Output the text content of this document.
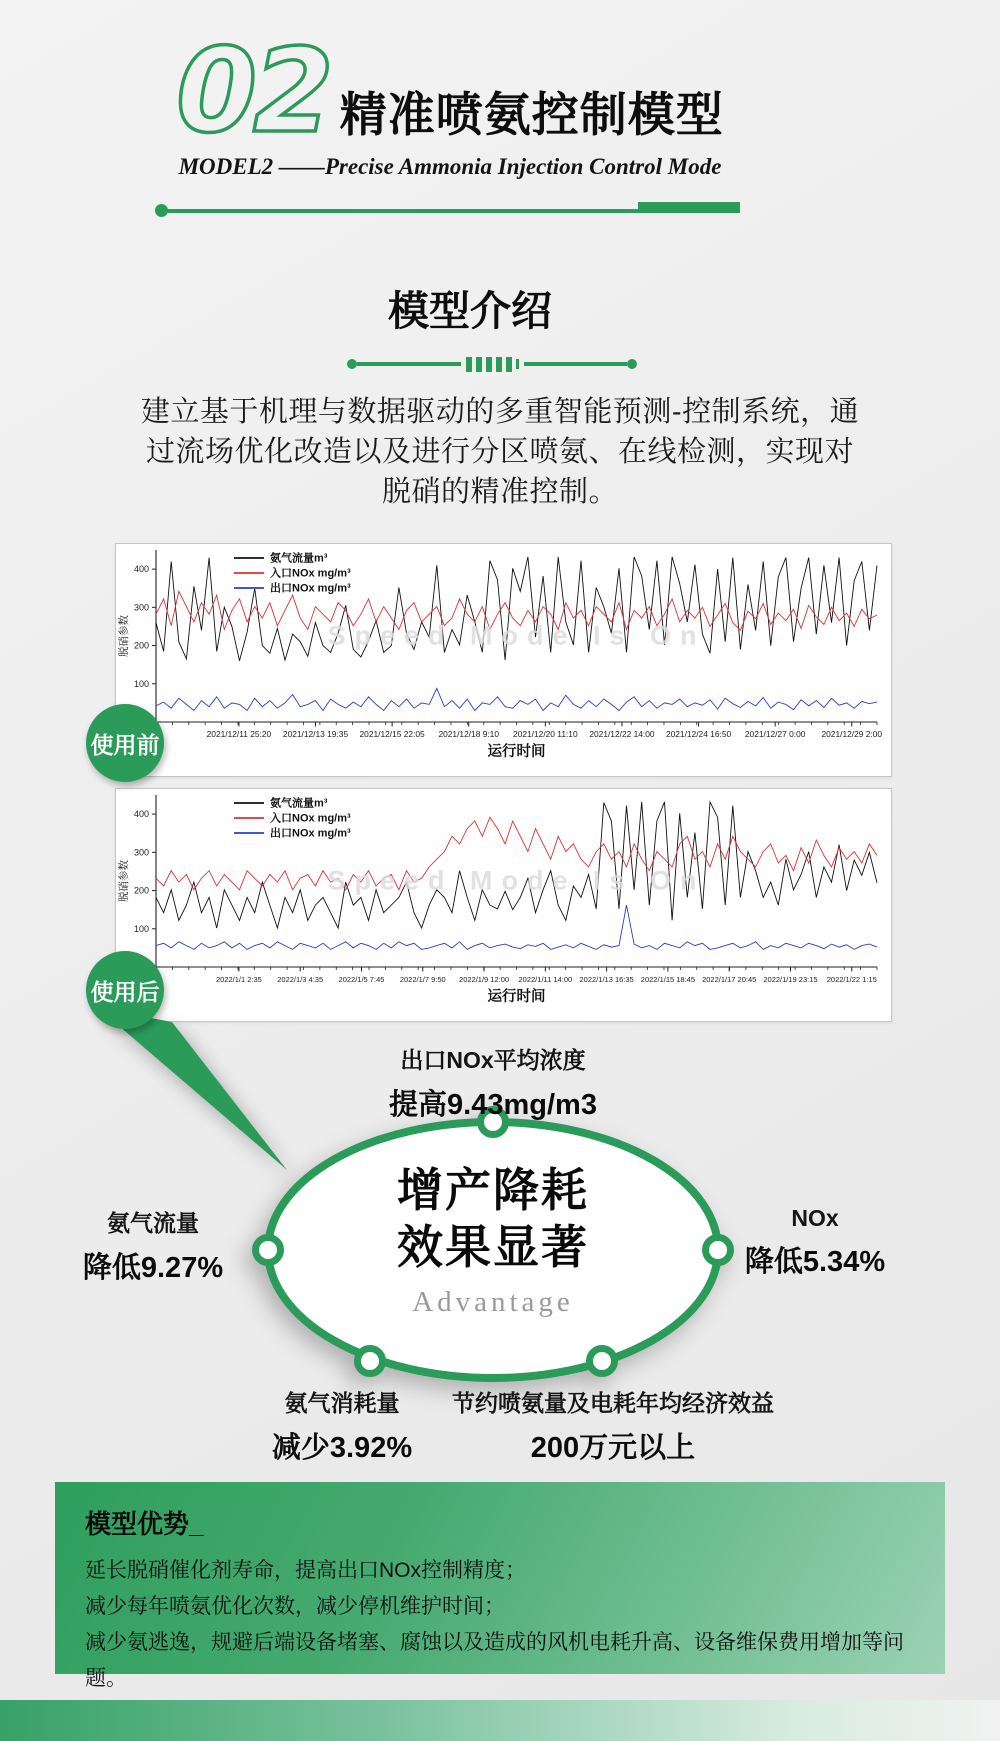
02 精准喷氨控制模型
MODEL2 ——Precise Ammonia Injection Control Mode
模型介绍
建立基于机理与数据驱动的多重智能预测-控制系统，通
过流场优化改造以及进行分区喷氨、在线检测，实现对
脱硝的精准控制。
100
200
300
400
Speed Mode Is On
氨气流量m³
入口NOx mg/m³
出口NOx mg/m³
2021/12/11 25:20 2021/12/13 19:35 2021/12/15 22:05 2021/12/18 9:10 2021/12/20 11:10 2021/12/22 14:00 2021/12/24 16:50 2021/12/27 0:00 2021/12/29 2:00
运行时间
脱硝参数
使用前
100
200
300
400
Speed Mode Is On
氨气流量m³
入口NOx mg/m³
出口NOx mg/m³
2022/1/1 2:35 2022/1/3 4:35 2022/1/5 7:45 2022/1/7 9:50 2022/1/9 12:00 2022/1/11 14:00 2022/1/13 16:35 2022/1/15 18:45 2022/1/17 20:45 2022/1/19 23:15 2022/1/22 1:15
运行时间
脱硝参数
使用后
出口NOx平均浓度
提高9.43mg/m3
氨气流量
降低9.27%
NOx
降低5.34%
氨气消耗量
减少3.92%
节约喷氨量及电耗年均经济效益
200万元以上
增产降耗
效果显著
Advantage
模型优势_
延长脱硝催化剂寿命，提高出口NOx控制精度；
减少每年喷氨优化次数，减少停机维护时间；
减少氨逃逸，规避后端设备堵塞、腐蚀以及造成的风机电耗升高、设备维保费用增加等问题。
